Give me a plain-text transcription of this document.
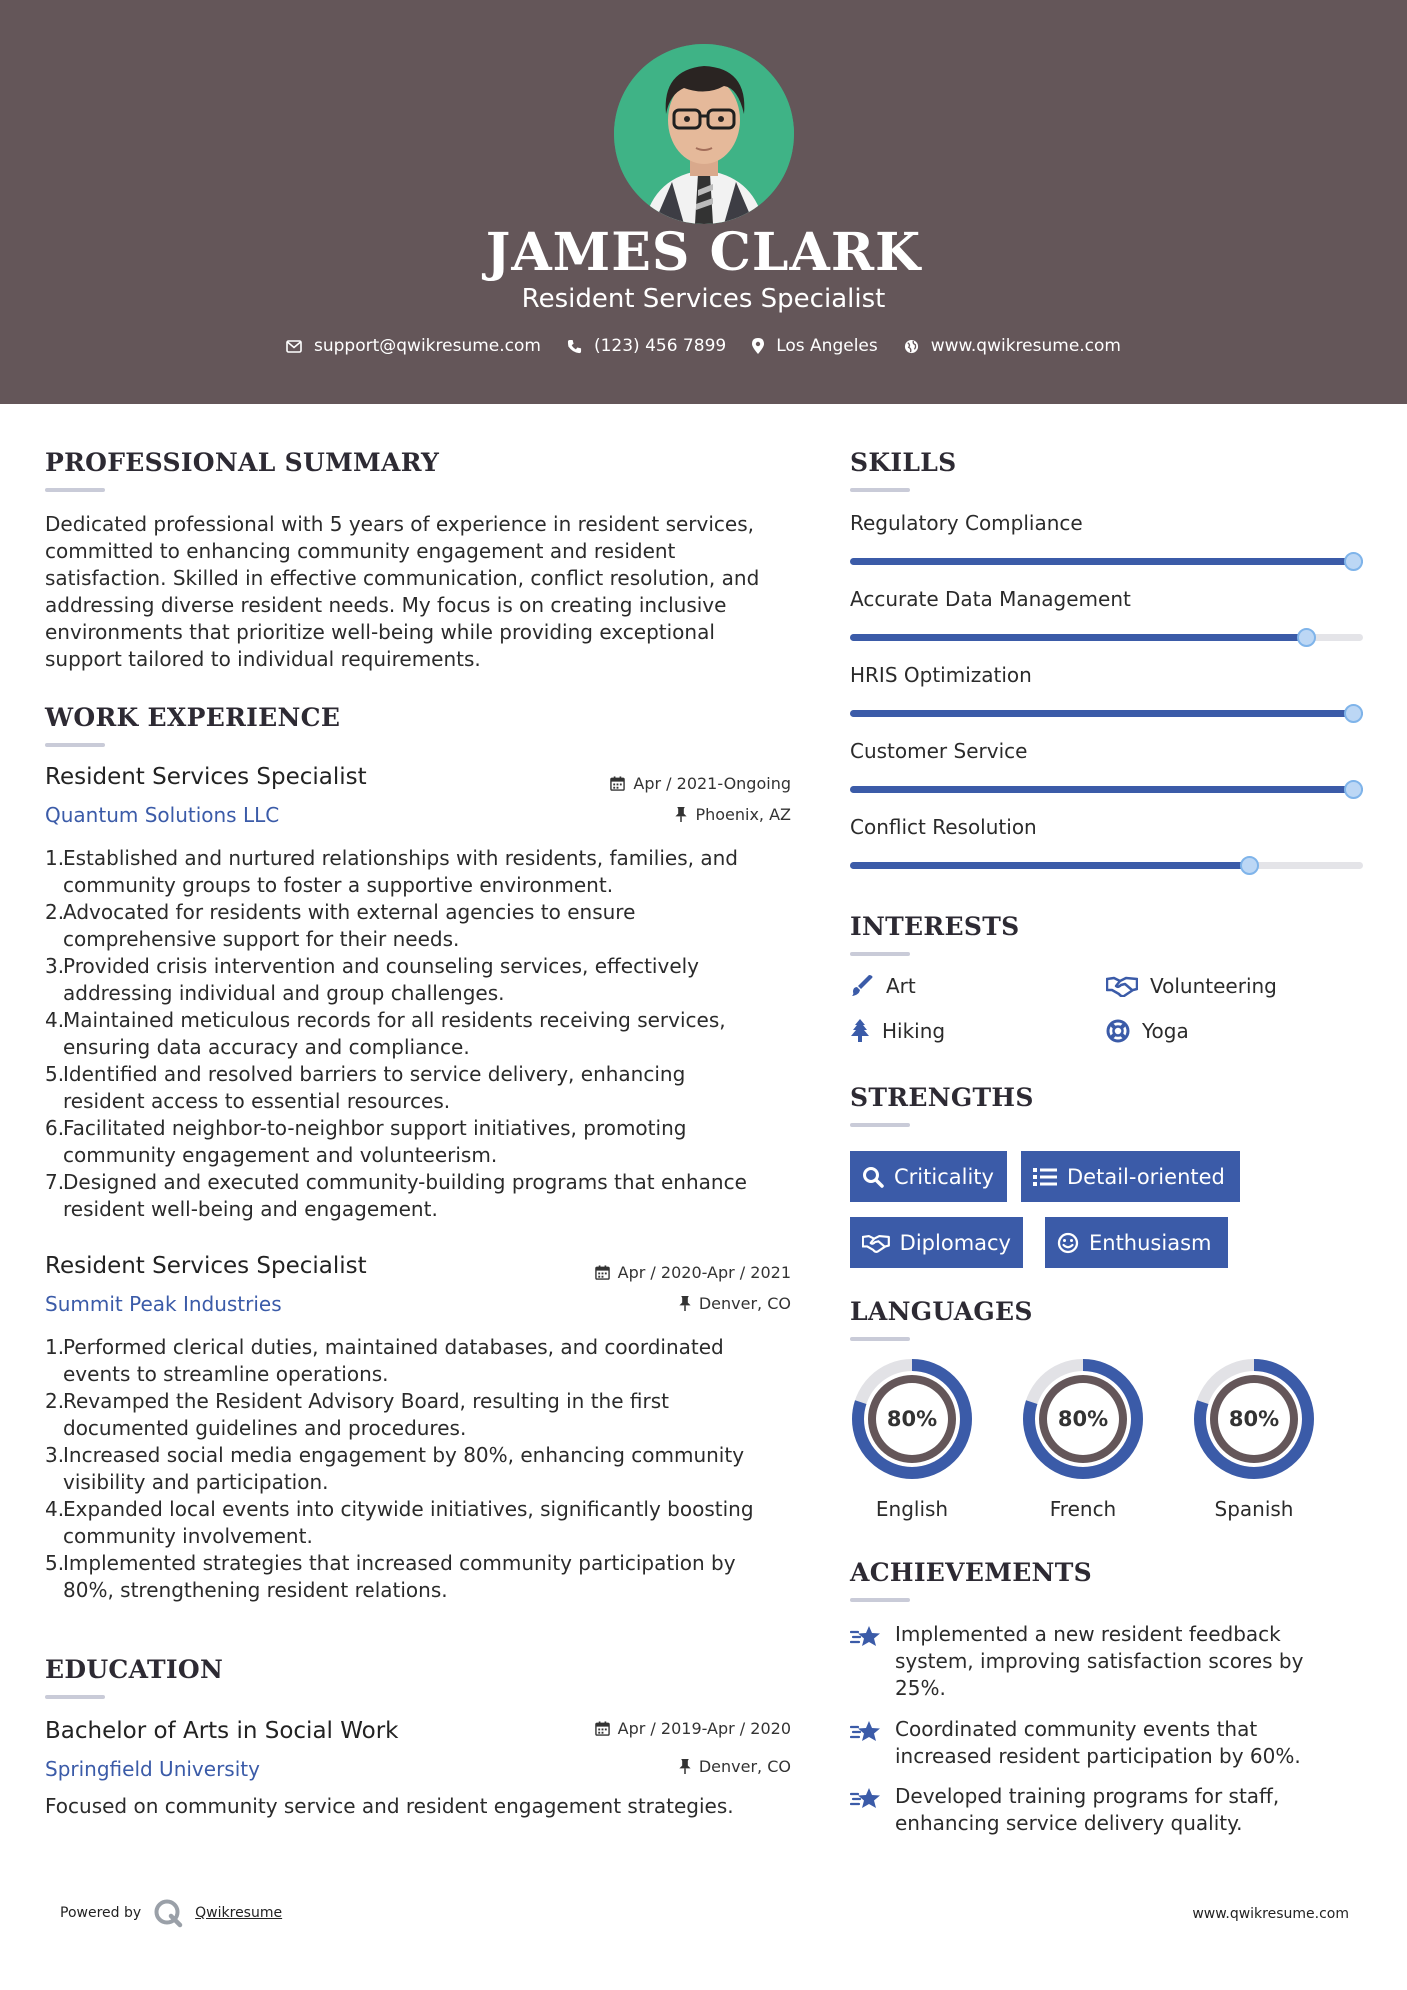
JAMES CLARK
Resident Services Specialist
support@qwikresume.com	(123) 456 7899	Los Angeles	www.qwikresume.com
PROFESSIONAL SUMMARY
Dedicated professional with 5 years of experience in resident services,
committed to enhancing community engagement and resident
satisfaction. Skilled in effective communication, conflict resolution, and
addressing diverse resident needs. My focus is on creating inclusive
environments that prioritize well-being while providing exceptional
support tailored to individual requirements.
WORK EXPERIENCE
Resident Services Specialist
Quantum Solutions LLC
Apr / 2021-Ongoing
Phoenix, AZ
1.
Established and nurtured relationships with residents, families, and
community groups to foster a supportive environment.
2.
Advocated for residents with external agencies to ensure
comprehensive support for their needs.
3.
Provided crisis intervention and counseling services, effectively
addressing individual and group challenges.
4.
Maintained meticulous records for all residents receiving services,
ensuring data accuracy and compliance.
5.
Identified and resolved barriers to service delivery, enhancing
resident access to essential resources.
6.
Facilitated neighbor-to-neighbor support initiatives, promoting
community engagement and volunteerism.
7.
Designed and executed community-building programs that enhance
resident well-being and engagement.
Resident Services Specialist
Summit Peak Industries
Apr / 2020-Apr / 2021
Denver, CO
1.
Performed clerical duties, maintained databases, and coordinated
events to streamline operations.
2.
Revamped the Resident Advisory Board, resulting in the first
documented guidelines and procedures.
3.
Increased social media engagement by 80%, enhancing community
visibility and participation.
4.
Expanded local events into citywide initiatives, significantly boosting
community involvement.
5.
Implemented strategies that increased community participation by
80%, strengthening resident relations.
EDUCATION
Bachelor of Arts in Social Work
Springfield University
Apr / 2019-Apr / 2020
Denver, CO
Focused on community service and resident engagement strategies.
SKILLS
Regulatory Compliance
Accurate Data Management
HRIS Optimization
Customer Service
Conflict Resolution
INTERESTS
Art	Volunteering
Hiking	Yoga
STRENGTHS
Criticality	Detail-oriented
Diplomacy	Enthusiasm
LANGUAGES
80%
English
80%
French
80%
Spanish
ACHIEVEMENTS
Implemented a new resident feedback
system, improving satisfaction scores by
25%.
Coordinated community events that
increased resident participation by 60%.
Developed training programs for staff,
enhancing service delivery quality.
Powered by	Qwikresume	www.qwikresume.com
